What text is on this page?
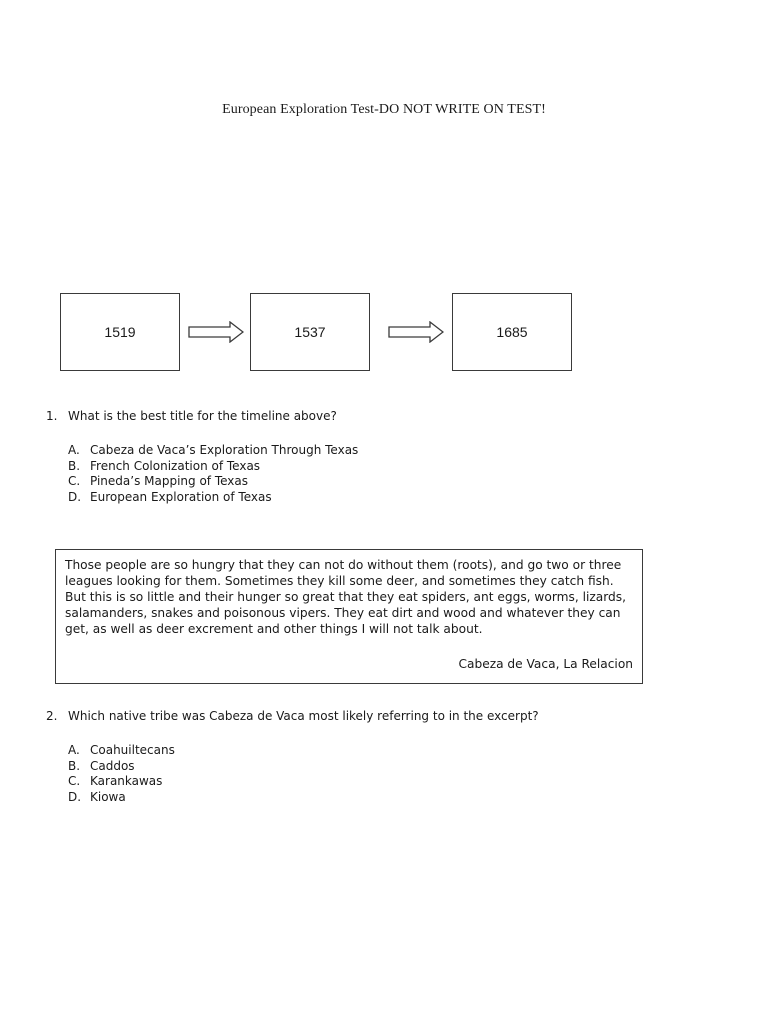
European Exploration Test-DO NOT WRITE ON TEST!
1519	1537	1685
1. What is the best title for the timeline above?
A. Cabeza de Vaca’s Exploration Through Texas
B. French Colonization of Texas
C. Pineda’s Mapping of Texas
D. European Exploration of Texas

Those people are so hungry that they can not do without them (roots), and go two or three leagues looking for them. Sometimes they kill some deer, and sometimes they catch fish. But this is so little and their hunger so great that they eat spiders, ant eggs, worms, lizards, salamanders, snakes and poisonous vipers. They eat dirt and wood and whatever they can get, as well as deer excrement and other things I will not talk about.

Cabeza de Vaca, La Relacion
2. Which native tribe was Cabeza de Vaca most likely referring to in the excerpt?
A. Coahuiltecans
B. Caddos
C. Karankawas
D. Kiowa
